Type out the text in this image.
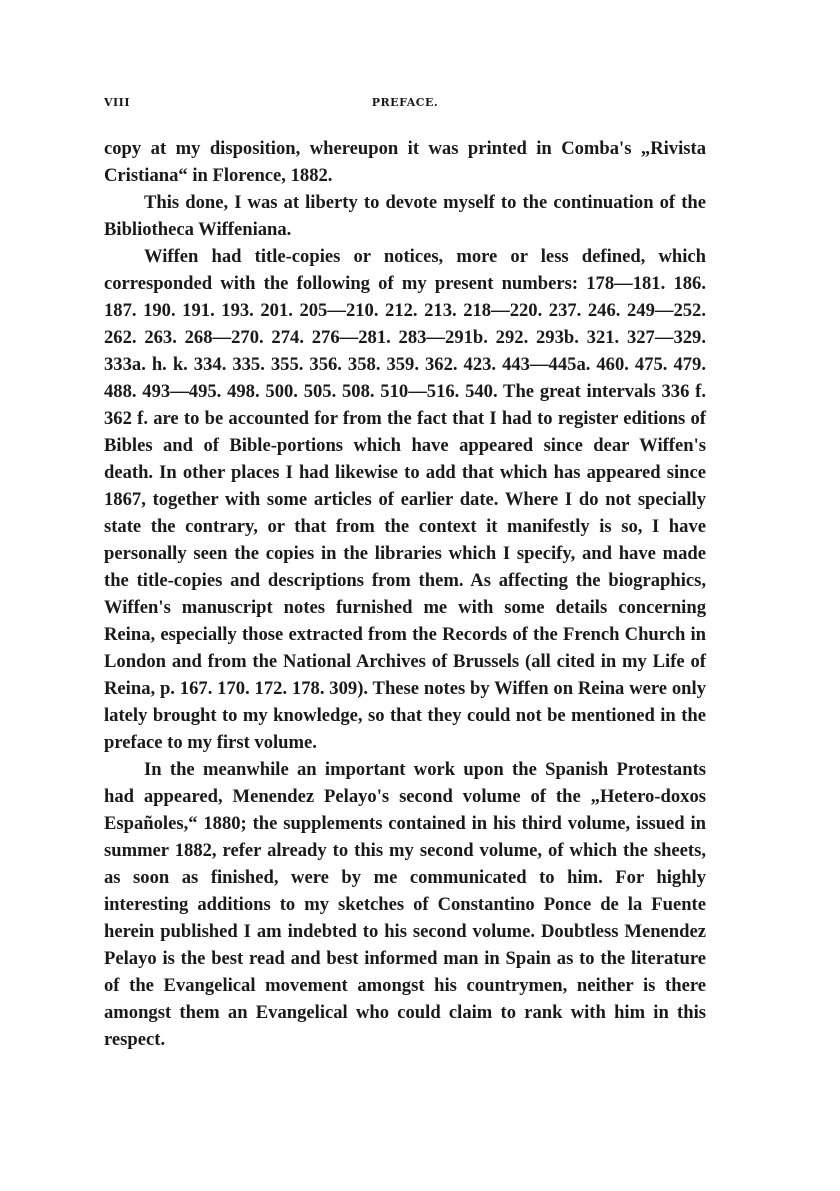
VIII	PREFACE.

copy at my disposition, whereupon it was printed in Comba's „Rivista Cristiana“ in Florence, 1882.

This done, I was at liberty to devote myself to the continuation of the Bibliotheca Wiffeniana.

Wiffen had title-copies or notices, more or less defined, which corresponded with the following of my present numbers: 178—181. 186. 187. 190. 191. 193. 201. 205—210. 212. 213. 218—220. 237. 246. 249—252. 262. 263. 268—270. 274. 276—281. 283—291b. 292. 293b. 321. 327—329. 333a. h. k. 334. 335. 355. 356. 358. 359. 362. 423. 443—445a. 460. 475. 479. 488. 493—495. 498. 500. 505. 508. 510—516. 540. The great intervals 336 f. 362 f. are to be accounted for from the fact that I had to register editions of Bibles and of Bible-portions which have appeared since dear Wiffen's death. In other places I had likewise to add that which has appeared since 1867, together with some articles of earlier date. Where I do not specially state the contrary, or that from the context it manifestly is so, I have personally seen the copies in the libraries which I specify, and have made the title-copies and descriptions from them. As affecting the biographics, Wiffen's manuscript notes furnished me with some details concerning Reina, especially those extracted from the Records of the French Church in London and from the National Archives of Brussels (all cited in my Life of Reina, p. 167. 170. 172. 178. 309). These notes by Wiffen on Reina were only lately brought to my knowledge, so that they could not be mentioned in the preface to my first volume.

In the meanwhile an important work upon the Spanish Protestants had appeared, Menendez Pelayo's second volume of the „Hetero-doxos Españoles,“ 1880; the supplements contained in his third volume, issued in summer 1882, refer already to this my second volume, of which the sheets, as soon as finished, were by me communicated to him. For highly interesting additions to my sketches of Constantino Ponce de la Fuente herein published I am indebted to his second volume. Doubtless Menendez Pelayo is the best read and best informed man in Spain as to the literature of the Evangelical movement amongst his countrymen, neither is there amongst them an Evangelical who could claim to rank with him in this respect.
